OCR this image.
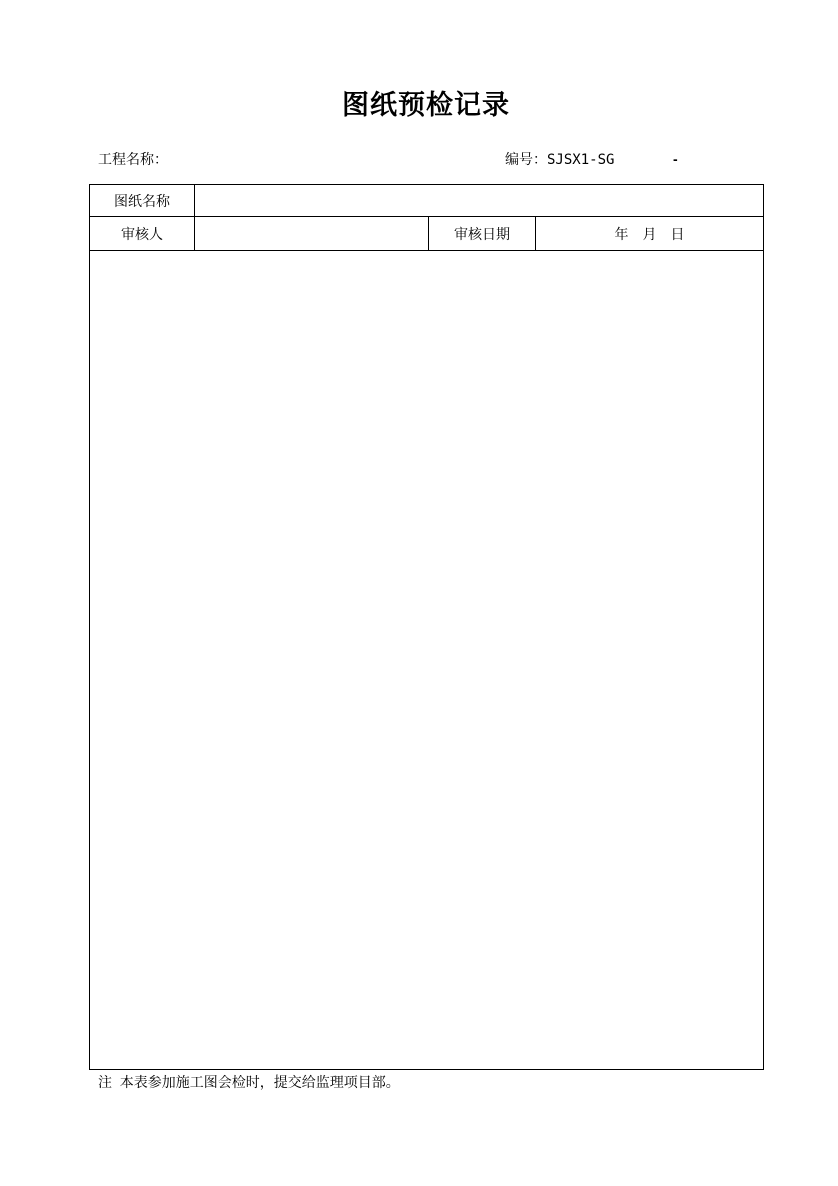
图纸预检记录
工程名称：	编号：SJSX1-SG	-
图纸名称			
审核人		审核日期	年　月　日

注  本表参加施工图会检时，提交给监理项目部。
